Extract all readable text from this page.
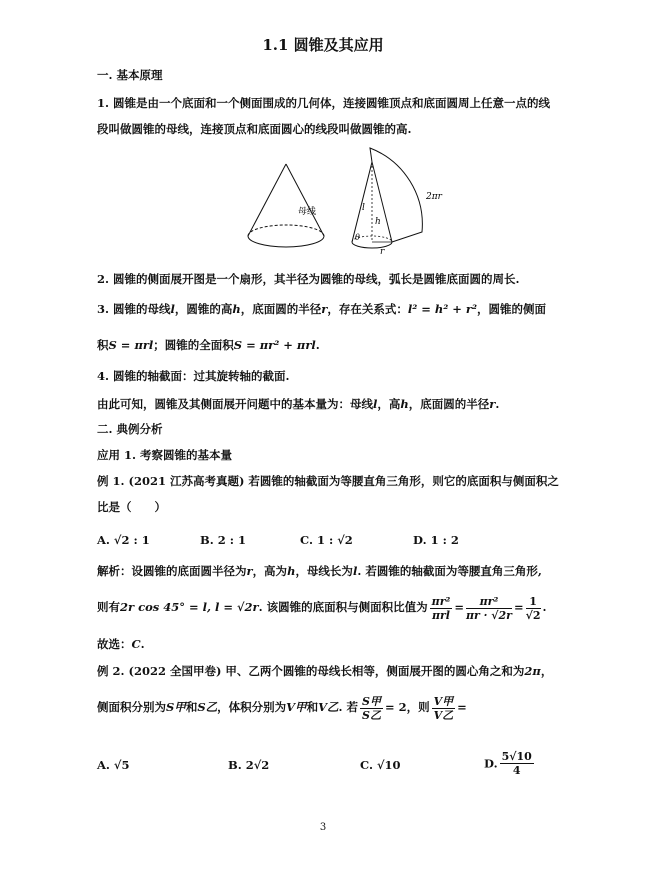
1.1 圆锥及其应用
一. 基本原理
1. 圆锥是由一个底面和一个侧面围成的几何体，连接圆锥顶点和底面圆周上任意一点的线
段叫做圆锥的母线，连接顶点和底面圆心的线段叫做圆锥的高.
母线	l
h
θ
r
2πr
2. 圆锥的侧面展开图是一个扇形，其半径为圆锥的母线，弧长是圆锥底面圆的周长.
3. 圆锥的母线l，圆锥的高h，底面圆的半径r，存在关系式：l² = h² + r²，圆锥的侧面
积S = πrl；圆锥的全面积S = πr² + πrl.
4. 圆锥的轴截面：过其旋转轴的截面.
由此可知，圆锥及其侧面展开问题中的基本量为：母线l，高h，底面圆的半径r.
二. 典例分析
应用 1. 考察圆锥的基本量
例 1. (2021 江苏高考真题) 若圆锥的轴截面为等腰直角三角形，则它的底面积与侧面积之
比是（　　）
A. √2 : 1	B. 2 : 1	C. 1 : √2	D. 1 : 2
解析：设圆锥的底面圆半径为r，高为h，母线长为l. 若圆锥的轴截面为等腰直角三角形,
则有2r cos 45° = l, l = √2r. 该圆锥的底面积与侧面积比值为 $\frac{\text{πr²}}{\text{πrl}} = \frac{\text{πr²}}{\pi r \cdot √2r} = \frac{1}{√2}$ .
故选：C.
例 2. (2022 全国甲卷) 甲、乙两个圆锥的母线长相等，侧面展开图的圆心角之和为2π，
侧面积分别为S甲和S乙，体积分别为V甲和V乙. 若 $\frac{\text{S甲}}{\text{S乙}} = 2$，则 $\frac{\text{V甲}}{\text{V乙}}$ =
A. √5	B. 2√2	C. √10	D. $\frac{5√10}{4}$
3
